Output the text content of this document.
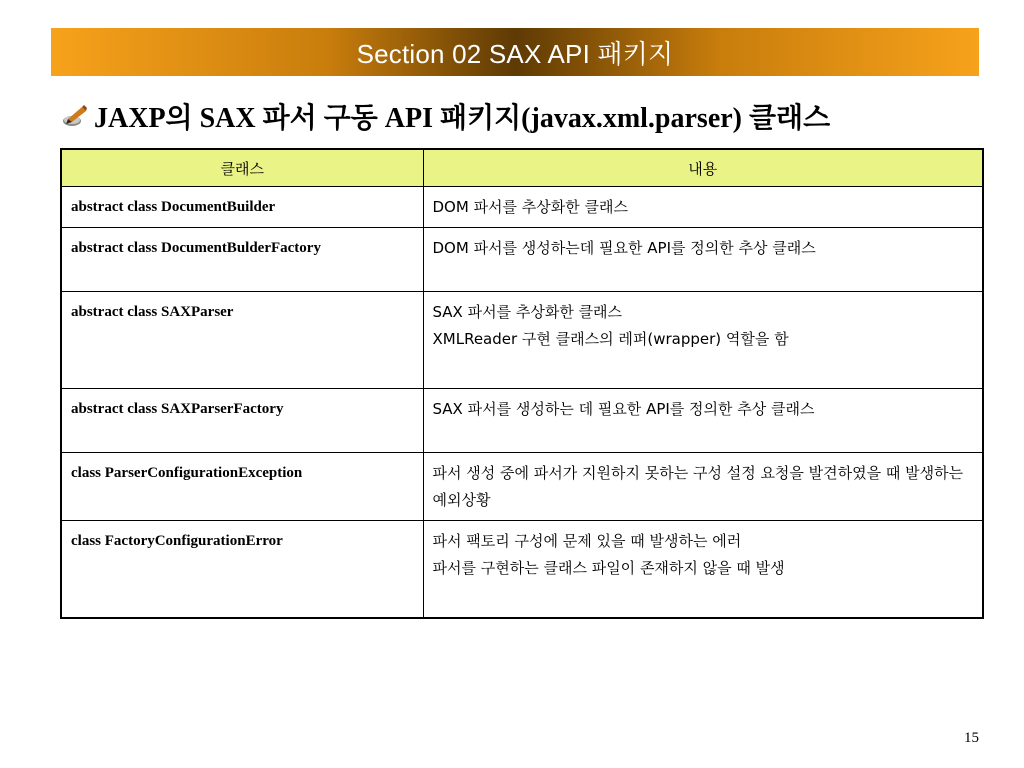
Section 02 SAX API 패키지
JAXP의 SAX 파서 구동 API 패키지(javax.xml.parser) 클래스
클래스	내용
abstract class DocumentBuilder	DOM 파서를 추상화한 클래스

abstract class DocumentBulderFactory	DOM 파서를 생성하는데 필요한 API를 정의한 추상 클래스

abstract class SAXParser	SAX 파서를 추상화한 클래스
XMLReader 구현 클래스의 레퍼(wrapper) 역할을 함

abstract class SAXParserFactory	SAX 파서를 생성하는 데 필요한 API를 정의한 추상 클래스

class ParserConfigurationException	파서 생성 중에 파서가 지원하지 못하는 구성 설정 요청을 발견하였을 때 발생하는 예외상황

class FactoryConfigurationError	파서 팩토리 구성에 문제 있을 때 발생하는 에러
파서를 구현하는 클래스 파일이 존재하지 않을 때 발생
15
